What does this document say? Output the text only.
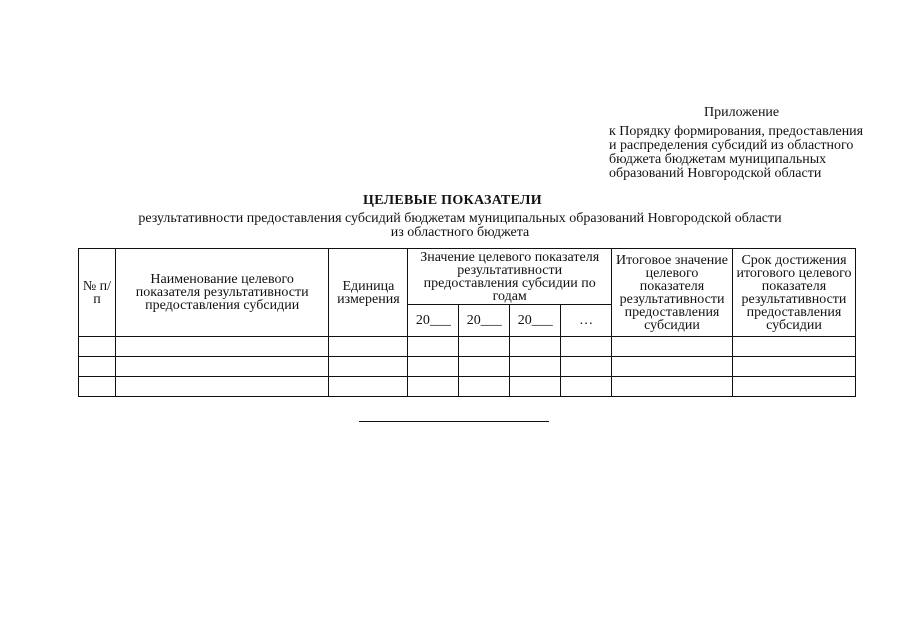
Приложение
к Порядку формирования, предоставления
и распределения субсидий из областного
бюджета бюджетам муниципальных
образований Новгородской области
ЦЕЛЕВЫЕ ПОКАЗАТЕЛИ
результативности предоставления субсидий бюджетам муниципальных образований Новгородской области
из областного бюджета
№ п/п	Наименование целевого показателя результативности предоставления субсидии	Единица измерения	Значение целевого показателя результативности предоставления субсидии по годам				Итоговое значение целевого показателя результативности предоставления субсидии	Срок достижения итогового целевого показателя результативности предоставления субсидии
			20___	20___	20___	…		
